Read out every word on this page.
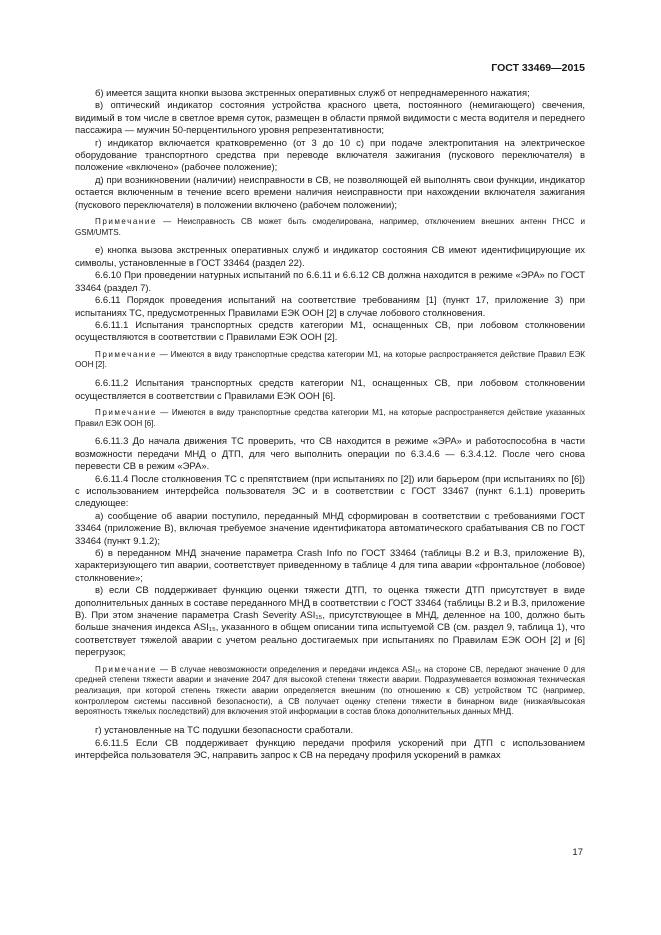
ГОСТ 33469—2015

б) имеется защита кнопки вызова экстренных оперативных служб от непреднамеренного нажатия;

в) оптический индикатор состояния устройства красного цвета, постоянного (немигающего) свечения, видимый в том числе в светлое время суток, размещен в области прямой видимости с места водителя и переднего пассажира — мужчин 50-перцентильного уровня репрезентативности;

г) индикатор включается кратковременно (от 3 до 10 с) при подаче электропитания на электрическое оборудование транспортного средства при переводе включателя зажигания (пускового переключателя) в положение «включено» (рабочее положение);

д) при возникновении (наличии) неисправности в СВ, не позволяющей ей выполнять свои функции, индикатор остается включенным в течение всего времени наличия неисправности при нахождении включателя зажигания (пускового переключателя) в положении включено (рабочем положении);

Примечание — Неисправность СВ может быть смоделирована, например, отключением внешних антенн ГНСС и GSM/UMTS.

е) кнопка вызова экстренных оперативных служб и индикатор состояния СВ имеют идентифицирующие их символы, установленные в ГОСТ 33464 (раздел 22).

6.6.10 При проведении натурных испытаний по 6.6.11 и 6.6.12 СВ должна находится в режиме «ЭРА» по ГОСТ 33464 (раздел 7).

6.6.11 Порядок проведения испытаний на соответствие требованиям [1] (пункт 17, приложение 3) при испытаниях ТС, предусмотренных Правилами ЕЭК ООН [2] в случае лобового столкновения.

6.6.11.1 Испытания транспортных средств категории М1, оснащенных СВ, при лобовом столкновении осуществляются в соответствии с Правилами ЕЭК ООН [2].

Примечание — Имеются в виду транспортные средства категории М1, на которые распространяется действие Правил ЕЭК ООН [2].

6.6.11.2 Испытания транспортных средств категории N1, оснащенных СВ, при лобовом столкновении осуществляется в соответствии с Правилами ЕЭК ООН [6].

Примечание — Имеются в виду транспортные средства категории М1, на которые распространяется действие указанных Правил ЕЭК ООН [6].

6.6.11.3 До начала движения ТС проверить, что СВ находится в режиме «ЭРА» и работоспособна в части возможности передачи МНД о ДТП, для чего выполнить операции по 6.3.4.6 — 6.3.4.12. После чего снова перевести СВ в режим «ЭРА».

6.6.11.4 После столкновения ТС с препятствием (при испытаниях по [2]) или барьером (при испытаниях по [6]) с использованием интерфейса пользователя ЭС и в соответствии с ГОСТ 33467 (пункт 6.1.1) проверить следующее:

а) сообщение об аварии поступило, переданный МНД сформирован в соответствии с требованиями ГОСТ 33464 (приложение В), включая требуемое значение идентификатора автоматического срабатывания СВ по ГОСТ 33464 (пункт 9.1.2);

б) в переданном МНД значение параметра Crash Info по ГОСТ 33464 (таблицы В.2 и В.3, приложение В), характеризующего тип аварии, соответствует приведенному в таблице 4 для типа аварии «фронтальное (лобовое) столкновение»;

в) если СВ поддерживает функцию оценки тяжести ДТП, то оценка тяжести ДТП присутствует в виде дополнительных данных в составе переданного МНД в соответствии с ГОСТ 33464 (таблицы В.2 и В.3, приложение В). При этом значение параметра Crash Severity ASI₁₅, присутствующее в МНД, деленное на 100, должно быть больше значения индекса ASI₁₅, указанного в общем описании типа испытуемой СВ (см. раздел 9, таблица 1), что соответствует тяжелой аварии с учетом реально достигаемых при испытаниях по Правилам ЕЭК ООН [2] и [6] перегрузок;

Примечание — В случае невозможности определения и передачи индекса ASI₁₅ на стороне СВ, передают значение 0 для средней степени тяжести аварии и значение 2047 для высокой степени тяжести аварии. Подразумевается возможная техническая реализация, при которой степень тяжести аварии определяется внешним (по отношению к СВ) устройством ТС (например, контроллером системы пассивной безопасности), а СВ получает оценку степени тяжести в бинарном виде (низкая/высокая вероятность тяжелых последствий) для включения этой информации в состав блока дополнительных данных МНД.

г) установленные на ТС подушки безопасности сработали.

6.6.11.5 Если СВ поддерживает функцию передачи профиля ускорений при ДТП с использованием интерфейса пользователя ЭС, направить запрос к СВ на передачу профиля ускорений в рамках

17
